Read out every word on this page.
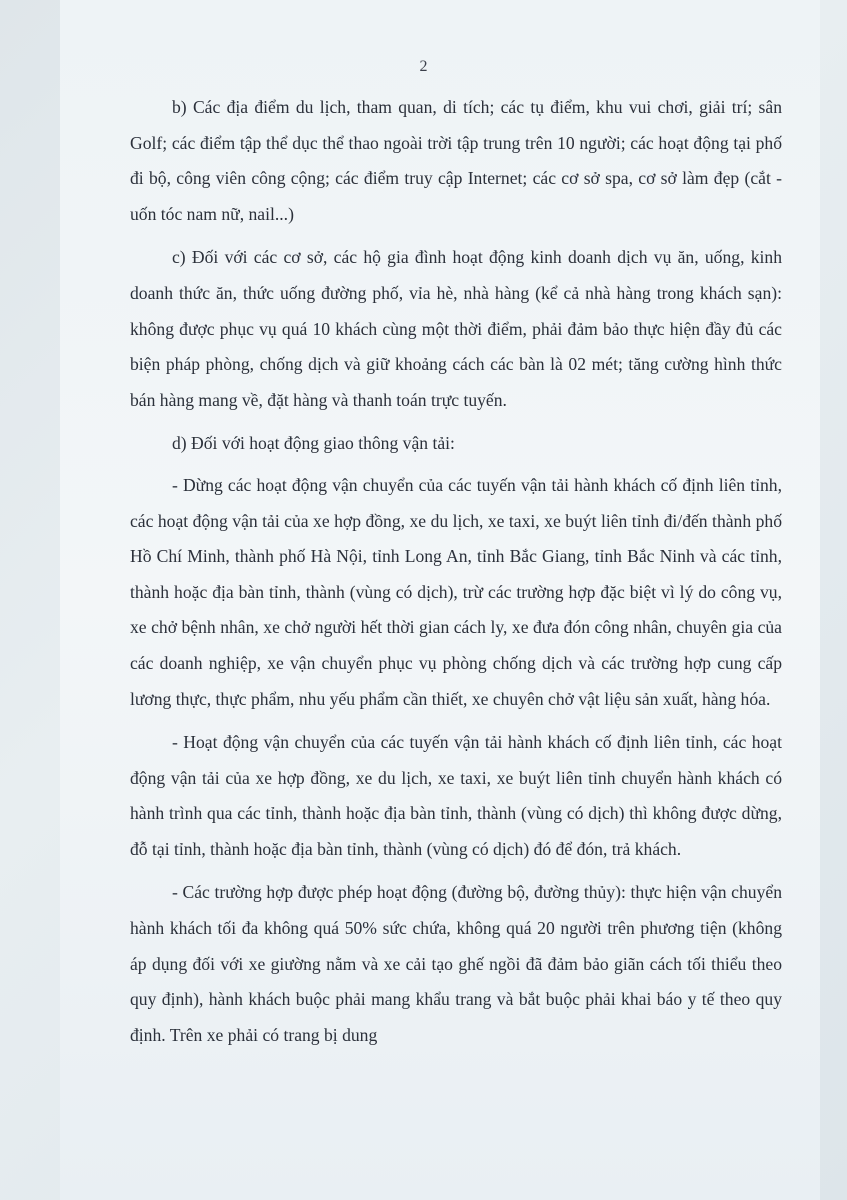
2

b) Các địa điểm du lịch, tham quan, di tích; các tụ điểm, khu vui chơi, giải trí; sân Golf; các điểm tập thể dục thể thao ngoài trời tập trung trên 10 người; các hoạt động tại phố đi bộ, công viên công cộng; các điểm truy cập Internet; các cơ sở spa, cơ sở làm đẹp (cắt - uốn tóc nam nữ, nail...)

c) Đối với các cơ sở, các hộ gia đình hoạt động kinh doanh dịch vụ ăn, uống, kinh doanh thức ăn, thức uống đường phố, vỉa hè, nhà hàng (kể cả nhà hàng trong khách sạn): không được phục vụ quá 10 khách cùng một thời điểm, phải đảm bảo thực hiện đầy đủ các biện pháp phòng, chống dịch và giữ khoảng cách các bàn là 02 mét; tăng cường hình thức bán hàng mang về, đặt hàng và thanh toán trực tuyến.

d) Đối với hoạt động giao thông vận tải:

- Dừng các hoạt động vận chuyển của các tuyến vận tải hành khách cố định liên tỉnh, các hoạt động vận tải của xe hợp đồng, xe du lịch, xe taxi, xe buýt liên tỉnh đi/đến thành phố Hồ Chí Minh, thành phố Hà Nội, tỉnh Long An, tỉnh Bắc Giang, tỉnh Bắc Ninh và các tỉnh, thành hoặc địa bàn tỉnh, thành (vùng có dịch), trừ các trường hợp đặc biệt vì lý do công vụ, xe chở bệnh nhân, xe chở người hết thời gian cách ly, xe đưa đón công nhân, chuyên gia của các doanh nghiệp, xe vận chuyển phục vụ phòng chống dịch và các trường hợp cung cấp lương thực, thực phẩm, nhu yếu phẩm cần thiết, xe chuyên chở vật liệu sản xuất, hàng hóa.

- Hoạt động vận chuyển của các tuyến vận tải hành khách cố định liên tỉnh, các hoạt động vận tải của xe hợp đồng, xe du lịch, xe taxi, xe buýt liên tỉnh chuyển hành khách có hành trình qua các tỉnh, thành hoặc địa bàn tỉnh, thành (vùng có dịch) thì không được dừng, đỗ tại tỉnh, thành hoặc địa bàn tỉnh, thành (vùng có dịch) đó để đón, trả khách.

- Các trường hợp được phép hoạt động (đường bộ, đường thủy): thực hiện vận chuyển hành khách tối đa không quá 50% sức chứa, không quá 20 người trên phương tiện (không áp dụng đối với xe giường nằm và xe cải tạo ghế ngồi đã đảm bảo giãn cách tối thiểu theo quy định), hành khách buộc phải mang khẩu trang và bắt buộc phải khai báo y tế theo quy định. Trên xe phải có trang bị dung
